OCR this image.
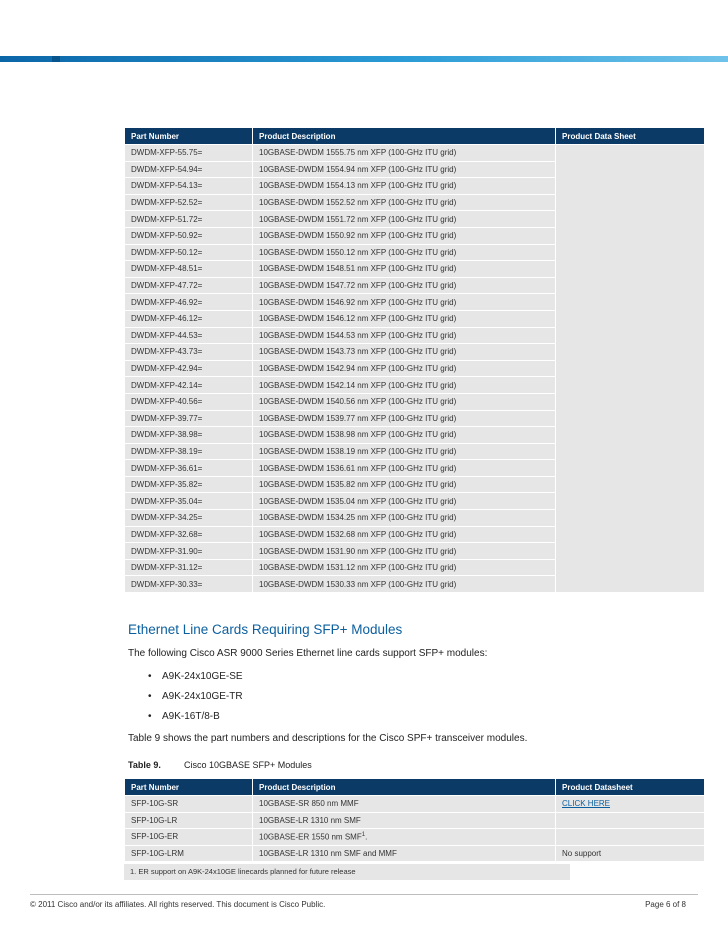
Part Number	Product Description	Product Data Sheet
DWDM-XFP-55.75=	10GBASE-DWDM 1555.75 nm XFP (100-GHz ITU grid)	
DWDM-XFP-54.94=	10GBASE-DWDM 1554.94 nm XFP (100-GHz ITU grid)	
DWDM-XFP-54.13=	10GBASE-DWDM 1554.13 nm XFP (100-GHz ITU grid)	
DWDM-XFP-52.52=	10GBASE-DWDM 1552.52 nm XFP (100-GHz ITU grid)	
DWDM-XFP-51.72=	10GBASE-DWDM 1551.72 nm XFP (100-GHz ITU grid)	
DWDM-XFP-50.92=	10GBASE-DWDM 1550.92 nm XFP (100-GHz ITU grid)	
DWDM-XFP-50.12=	10GBASE-DWDM 1550.12 nm XFP (100-GHz ITU grid)	
DWDM-XFP-48.51=	10GBASE-DWDM 1548.51 nm XFP (100-GHz ITU grid)	
DWDM-XFP-47.72=	10GBASE-DWDM 1547.72 nm XFP (100-GHz ITU grid)	
DWDM-XFP-46.92=	10GBASE-DWDM 1546.92 nm XFP (100-GHz ITU grid)	
DWDM-XFP-46.12=	10GBASE-DWDM 1546.12 nm XFP (100-GHz ITU grid)	
DWDM-XFP-44.53=	10GBASE-DWDM 1544.53 nm XFP (100-GHz ITU grid)	
DWDM-XFP-43.73=	10GBASE-DWDM 1543.73 nm XFP (100-GHz ITU grid)	
DWDM-XFP-42.94=	10GBASE-DWDM 1542.94 nm XFP (100-GHz ITU grid)	
DWDM-XFP-42.14=	10GBASE-DWDM 1542.14 nm XFP (100-GHz ITU grid)	
DWDM-XFP-40.56=	10GBASE-DWDM 1540.56 nm XFP (100-GHz ITU grid)	
DWDM-XFP-39.77=	10GBASE-DWDM 1539.77 nm XFP (100-GHz ITU grid)	
DWDM-XFP-38.98=	10GBASE-DWDM 1538.98 nm XFP (100-GHz ITU grid)	
DWDM-XFP-38.19=	10GBASE-DWDM 1538.19 nm XFP (100-GHz ITU grid)	
DWDM-XFP-36.61=	10GBASE-DWDM 1536.61 nm XFP (100-GHz ITU grid)	
DWDM-XFP-35.82=	10GBASE-DWDM 1535.82 nm XFP (100-GHz ITU grid)	
DWDM-XFP-35.04=	10GBASE-DWDM 1535.04 nm XFP (100-GHz ITU grid)	
DWDM-XFP-34.25=	10GBASE-DWDM 1534.25 nm XFP (100-GHz ITU grid)	
DWDM-XFP-32.68=	10GBASE-DWDM 1532.68 nm XFP (100-GHz ITU grid)	
DWDM-XFP-31.90=	10GBASE-DWDM 1531.90 nm XFP (100-GHz ITU grid)	
DWDM-XFP-31.12=	10GBASE-DWDM 1531.12 nm XFP (100-GHz ITU grid)	
DWDM-XFP-30.33=	10GBASE-DWDM 1530.33 nm XFP (100-GHz ITU grid)	
Ethernet Line Cards Requiring SFP+ Modules
The following Cisco ASR 9000 Series Ethernet line cards support SFP+ modules:
• A9K-24x10GE-SE
• A9K-24x10GE-TR
• A9K-16T/8-B
Table 9 shows the part numbers and descriptions for the Cisco SPF+ transceiver modules.
Table 9.	Cisco 10GBASE SFP+ Modules
Part Number	Product Description	Product Datasheet
SFP-10G-SR	10GBASE-SR 850 nm MMF	CLICK HERE
SFP-10G-LR	10GBASE-LR 1310 nm SMF	
SFP-10G-ER	10GBASE-ER 1550 nm SMF$^1$.	
SFP-10G-LRM	10GBASE-LR 1310 nm SMF and MMF	No support
1. ER support on A9K-24x10GE linecards planned for future release
© 2011 Cisco and/or its affiliates. All rights reserved. This document is Cisco Public.	Page 6 of 8
